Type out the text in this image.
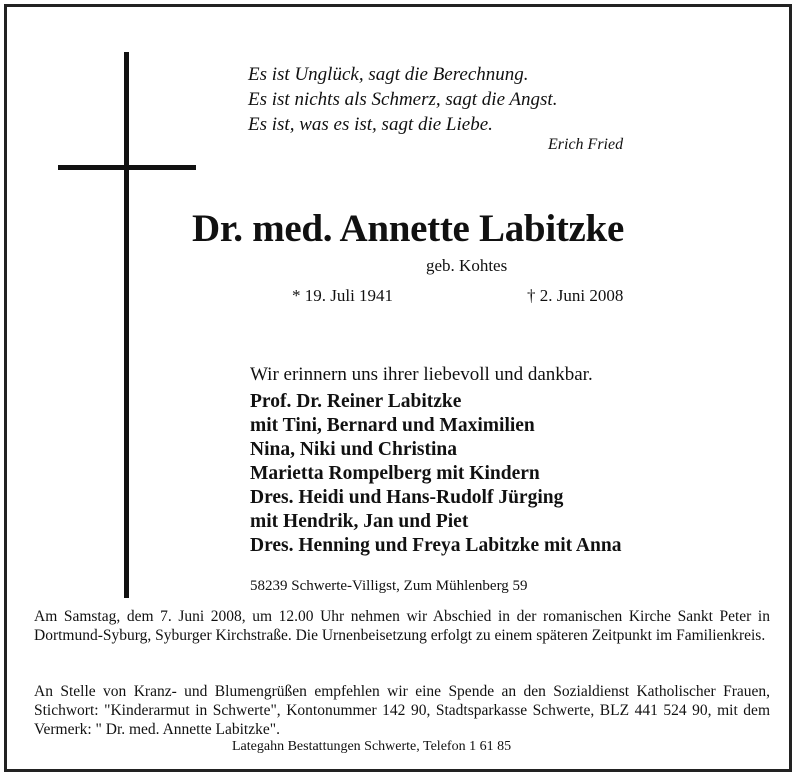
Es ist Unglück, sagt die Berechnung.
Es ist nichts als Schmerz, sagt die Angst.
Es ist, was es ist, sagt die Liebe.
Erich Fried
Dr. med. Annette Labitzke
geb. Kohtes
* 19. Juli 1941	† 2. Juni 2008
Wir erinnern uns ihrer liebevoll und dankbar.
Prof. Dr. Reiner Labitzke
mit Tini, Bernard und Maximilien
Nina, Niki und Christina
Marietta Rompelberg mit Kindern
Dres. Heidi und Hans-Rudolf Jürging
mit Hendrik, Jan und Piet
Dres. Henning und Freya Labitzke mit Anna
58239 Schwerte-Villigst, Zum Mühlenberg 59
Am Samstag, dem 7. Juni 2008, um 12.00 Uhr nehmen wir Abschied in der romanischen Kirche Sankt Peter in Dortmund-Syburg, Syburger Kirchstraße. Die Urnenbeisetzung erfolgt zu einem späteren Zeitpunkt im Familienkreis.
An Stelle von Kranz- und Blumengrüßen empfehlen wir eine Spende an den Sozialdienst Katholischer Frauen, Stichwort: "Kinderarmut in Schwerte", Kontonummer 142 90, Stadtsparkasse Schwerte, BLZ 441 524 90, mit dem Vermerk: " Dr. med. Annette Labitzke".
Lategahn Bestattungen Schwerte, Telefon 1 61 85
